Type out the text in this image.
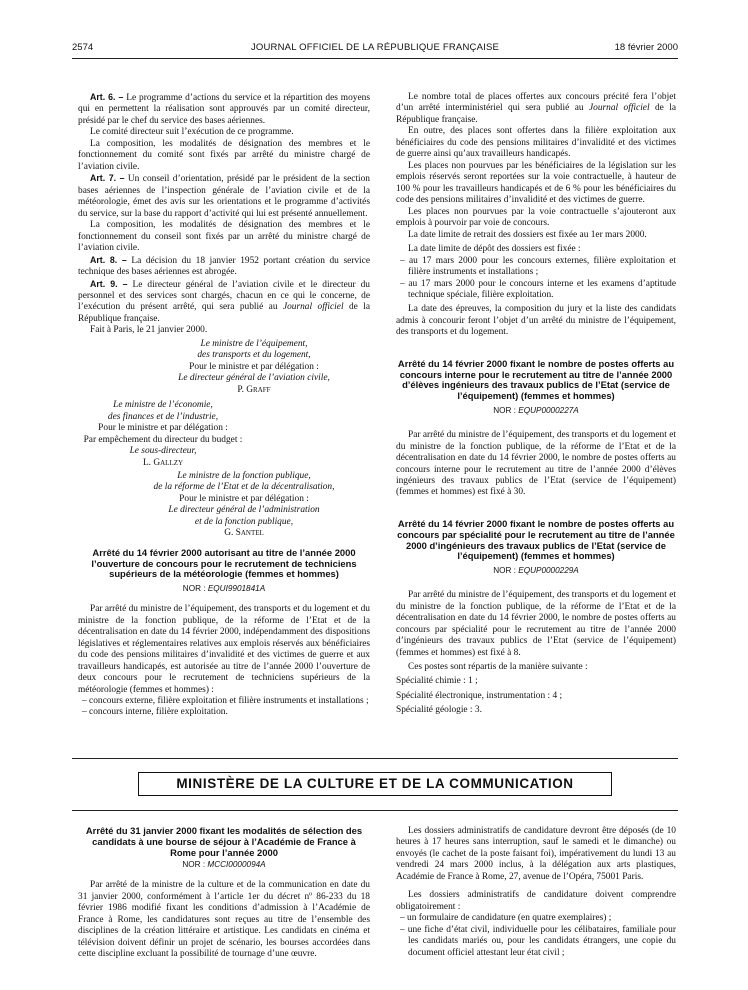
2574	JOURNAL OFFICIEL DE LA RÉPUBLIQUE FRANÇAISE	18 février 2000

Art. 6. – Le programme d’actions du service et la répartition des moyens qui en permettent la réalisation sont approuvés par un comité directeur, présidé par le chef du service des bases aériennes.

Le comité directeur suit l’exécution de ce programme.

La composition, les modalités de désignation des membres et le fonctionnement du comité sont fixés par arrêté du ministre chargé de l’aviation civile.

Art. 7. – Un conseil d’orientation, présidé par le président de la section bases aériennes de l’inspection générale de l’aviation civile et de la météorologie, émet des avis sur les orientations et le programme d’activités du service, sur la base du rapport d’activité qui lui est présenté annuellement.

La composition, les modalités de désignation des membres et le fonctionnement du conseil sont fixés par un arrêté du ministre chargé de l’aviation civile.

Art. 8. – La décision du 18 janvier 1952 portant création du service technique des bases aériennes est abrogée.

Art. 9. – Le directeur général de l’aviation civile et le directeur du personnel et des services sont chargés, chacun en ce qui le concerne, de l’exécution du présent arrêté, qui sera publié au Journal officiel de la République française.

Fait à Paris, le 21 janvier 2000.

Le ministre de l’équipement,

des transports et du logement,

Pour le ministre et par délégation :

Le directeur général de l’aviation civile,

P. Graff

Le ministre de l’économie,

des finances et de l’industrie,

Pour le ministre et par délégation :

Par empêchement du directeur du budget :

Le sous-directeur,

L. Gallzy

Le ministre de la fonction publique,

de la réforme de l’Etat et de la décentralisation,

Pour le ministre et par délégation :

Le directeur général de l’administration

et de la fonction publique,

G. Santel

Arrêté du 14 février 2000 autorisant au titre de l’année 2000 l’ouverture de concours pour le recrutement de techniciens supérieurs de la météorologie (femmes et hommes)

NOR : EQUI9901841A

Par arrêté du ministre de l’équipement, des transports et du logement et du ministre de la fonction publique, de la réforme de l’Etat et de la décentralisation en date du 14 février 2000, indépendamment des dispositions législatives et réglementaires relatives aux emplois réservés aux bénéficiaires du code des pensions militaires d’invalidité et des victimes de guerre et aux travailleurs handicapés, est autorisée au titre de l’année 2000 l’ouverture de deux concours pour le recrutement de techniciens supérieurs de la météorologie (femmes et hommes) :

– concours externe, filière exploitation et filière instruments et installations ;

– concours interne, filière exploitation.

Le nombre total de places offertes aux concours précité fera l’objet d’un arrêté interministériel qui sera publié au Journal officiel de la République française.

En outre, des places sont offertes dans la filière exploitation aux bénéficiaires du code des pensions militaires d’invalidité et des victimes de guerre ainsi qu’aux travailleurs handicapés.

Les places non pourvues par les bénéficiaires de la législation sur les emplois réservés seront reportées sur la voie contractuelle, à hauteur de 100 % pour les travailleurs handicapés et de 6 % pour les bénéficiaires du code des pensions militaires d’invalidité et des victimes de guerre.

Les places non pourvues par la voie contractuelle s’ajouteront aux emplois à pourvoir par voie de concours.

La date limite de retrait des dossiers est fixée au 1er mars 2000.

La date limite de dépôt des dossiers est fixée :

– au 17 mars 2000 pour les concours externes, filière exploitation et filière instruments et installations ;

– au 17 mars 2000 pour le concours interne et les examens d’aptitude technique spéciale, filière exploitation.

La date des épreuves, la composition du jury et la liste des candidats admis à concourir feront l’objet d’un arrêté du ministre de l’équipement, des transports et du logement.

Arrêté du 14 février 2000 fixant le nombre de postes offerts au concours interne pour le recrutement au titre de l’année 2000 d’élèves ingénieurs des travaux publics de l’Etat (service de l’équipement) (femmes et hommes)

NOR : EQUP0000227A

Par arrêté du ministre de l’équipement, des transports et du logement et du ministre de la fonction publique, de la réforme de l’Etat et de la décentralisation en date du 14 février 2000, le nombre de postes offerts au concours interne pour le recrutement au titre de l’année 2000 d’élèves ingénieurs des travaux publics de l’Etat (service de l’équipement) (femmes et hommes) est fixé à 30.

Arrêté du 14 février 2000 fixant le nombre de postes offerts au concours par spécialité pour le recrutement au titre de l’année 2000 d’ingénieurs des travaux publics de l’Etat (service de l’équipement) (femmes et hommes)

NOR : EQUP0000229A

Par arrêté du ministre de l’équipement, des transports et du logement et du ministre de la fonction publique, de la réforme de l’Etat et de la décentralisation en date du 14 février 2000, le nombre de postes offerts au concours par spécialité pour le recrutement au titre de l’année 2000 d’ingénieurs des travaux publics de l’Etat (service de l’équipement) (femmes et hommes) est fixé à 8.

Ces postes sont répartis de la manière suivante :

Spécialité chimie : 1 ;

Spécialité électronique, instrumentation : 4 ;

Spécialité géologie : 3.

MINISTÈRE DE LA CULTURE ET DE LA COMMUNICATION

Arrêté du 31 janvier 2000 fixant les modalités de sélection des candidats à une bourse de séjour à l’Académie de France à Rome pour l’année 2000

NOR : MCCI0000094A

Par arrêté de la ministre de la culture et de la communication en date du 31 janvier 2000, conformément à l’article 1er du décret nº 86-233 du 18 février 1986 modifié fixant les conditions d’admission à l’Académie de France à Rome, les candidatures sont reçues au titre de l’ensemble des disciplines de la création littéraire et artistique. Les candidats en cinéma et télévision doivent définir un projet de scénario, les bourses accordées dans cette discipline excluant la possibilité de tournage d’une œuvre.

Les dossiers administratifs de candidature devront être déposés (de 10 heures à 17 heures sans interruption, sauf le samedi et le dimanche) ou envoyés (le cachet de la poste faisant foi), impérativement du lundi 13 au vendredi 24 mars 2000 inclus, à la délégation aux arts plastiques, Académie de France à Rome, 27, avenue de l’Opéra, 75001 Paris.

Les dossiers administratifs de candidature doivent comprendre obligatoirement :

– un formulaire de candidature (en quatre exemplaires) ;

– une fiche d’état civil, individuelle pour les célibataires, familiale pour les candidats mariés ou, pour les candidats étrangers, une copie du document officiel attestant leur état civil ;
